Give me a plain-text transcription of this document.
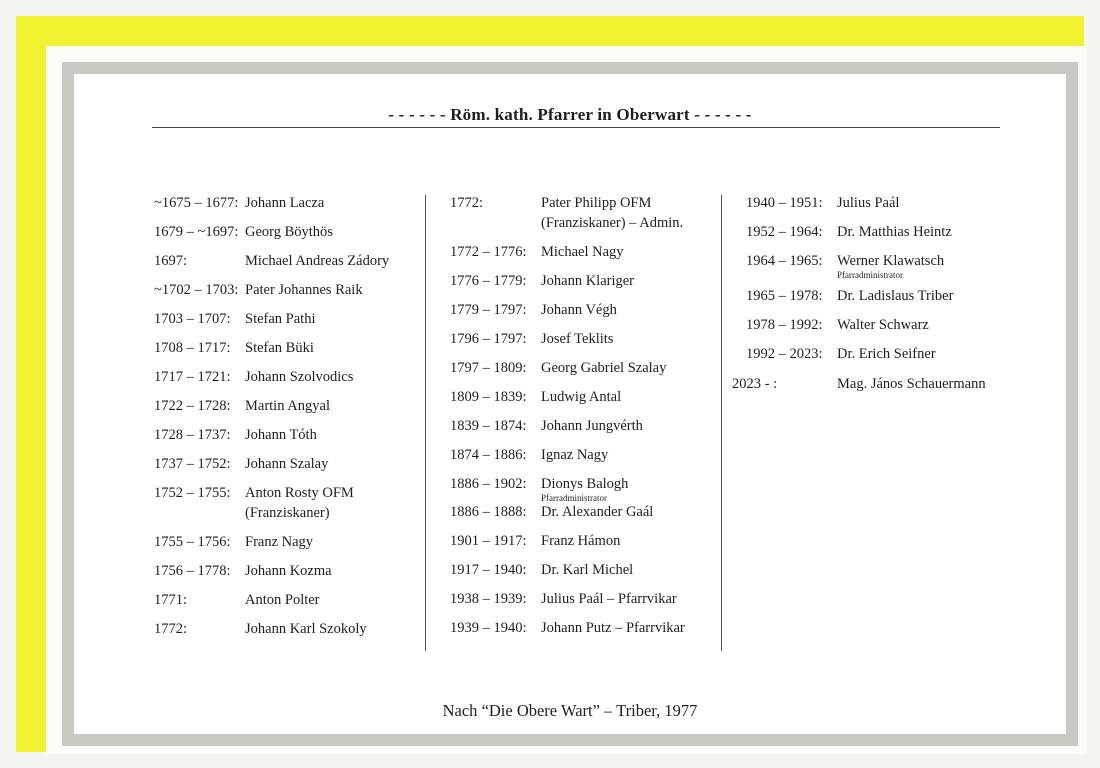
- - - - - - Röm. kath. Pfarrer in Oberwart - - - - - -
~1675 – 1677: Johann Lacza
1679 – ~1697: Georg Böythös
1697:	Michael Andreas Zádory
~1702 – 1703: Pater Johannes Raik
1703 – 1707: Stefan Pathi
1708 – 1717: Stefan Büki
1717 – 1721: Johann Szolvodics
1722 – 1728: Martin Angyal
1728 – 1737: Johann Tóth
1737 – 1752: Johann Szalay
1752 – 1755: Anton Rosty OFM
(Franziskaner)
1755 – 1756: Franz Nagy
1756 – 1778: Johann Kozma
1771:	Anton Polter
1772:	Johann Karl Szokoly
1772:	Pater Philipp OFM
(Franziskaner) – Admin.
1772 – 1776: Michael Nagy
1776 – 1779: Johann Klariger
1779 – 1797: Johann Végh
1796 – 1797: Josef Teklits
1797 – 1809: Georg Gabriel Szalay
1809 – 1839: Ludwig Antal
1839 – 1874: Johann Jungvérth
1874 – 1886: Ignaz Nagy
1886 – 1902: Dionys Balogh
Pfarradministrator
1886 – 1888: Dr. Alexander Gaál
1901 – 1917: Franz Hámon
1917 – 1940: Dr. Karl Michel
1938 – 1939: Julius Paál – Pfarrvikar
1939 – 1940: Johann Putz – Pfarrvikar
1940 – 1951: Julius Paál
1952 – 1964: Dr. Matthias Heintz
1964 – 1965: Werner Klawatsch
Pfarradministrator
1965 – 1978: Dr. Ladislaus Triber
1978 – 1992: Walter Schwarz
1992 – 2023: Dr. Erich Seifner
2023 - :	Mag. János Schauermann
Nach “Die Obere Wart” – Triber, 1977
